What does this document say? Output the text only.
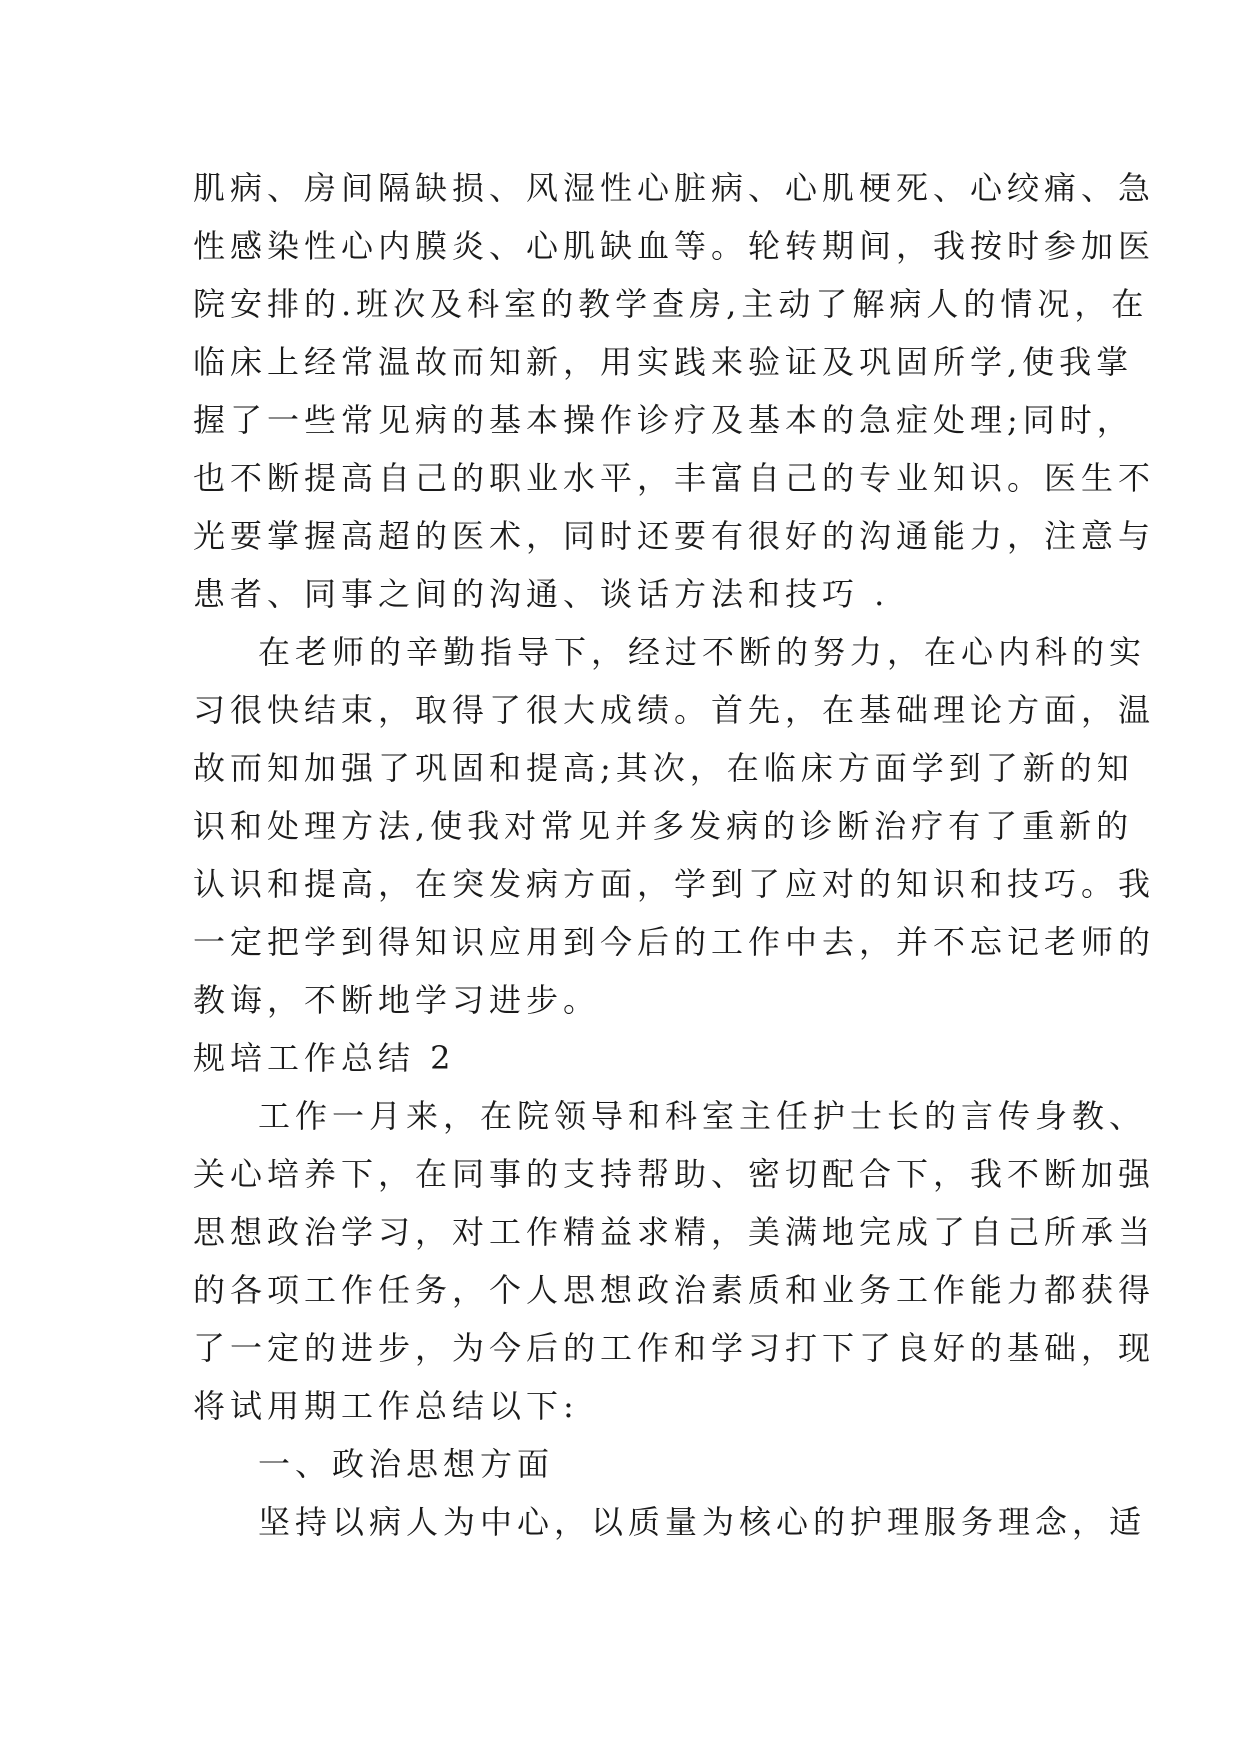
肌病、房间隔缺损、风湿性心脏病、心肌梗死、心绞痛、急
性感染性心内膜炎、心肌缺血等。轮转期间，我按时参加医
院安排的.班次及科室的教学查房,主动了解病人的情况，在
临床上经常温故而知新，用实践来验证及巩固所学,使我掌
握了一些常见病的基本操作诊疗及基本的急症处理;同时，
也不断提高自己的职业水平，丰富自己的专业知识。医生不
光要掌握高超的医术，同时还要有很好的沟通能力，注意与
患者、同事之间的沟通、谈话方法和技巧 .
在老师的辛勤指导下，经过不断的努力，在心内科的实
习很快结束，取得了很大成绩。首先，在基础理论方面，温
故而知加强了巩固和提高;其次，在临床方面学到了新的知
识和处理方法,使我对常见并多发病的诊断治疗有了重新的
认识和提高，在突发病方面，学到了应对的知识和技巧。我
一定把学到得知识应用到今后的工作中去，并不忘记老师的
教诲，不断地学习进步。
规培工作总结 2
工作一月来，在院领导和科室主任护士长的言传身教、
关心培养下，在同事的支持帮助、密切配合下，我不断加强
思想政治学习，对工作精益求精，美满地完成了自己所承当
的各项工作任务，个人思想政治素质和业务工作能力都获得
了一定的进步，为今后的工作和学习打下了良好的基础，现
将试用期工作总结以下:
一、政治思想方面
坚持以病人为中心，以质量为核心的护理服务理念，适
